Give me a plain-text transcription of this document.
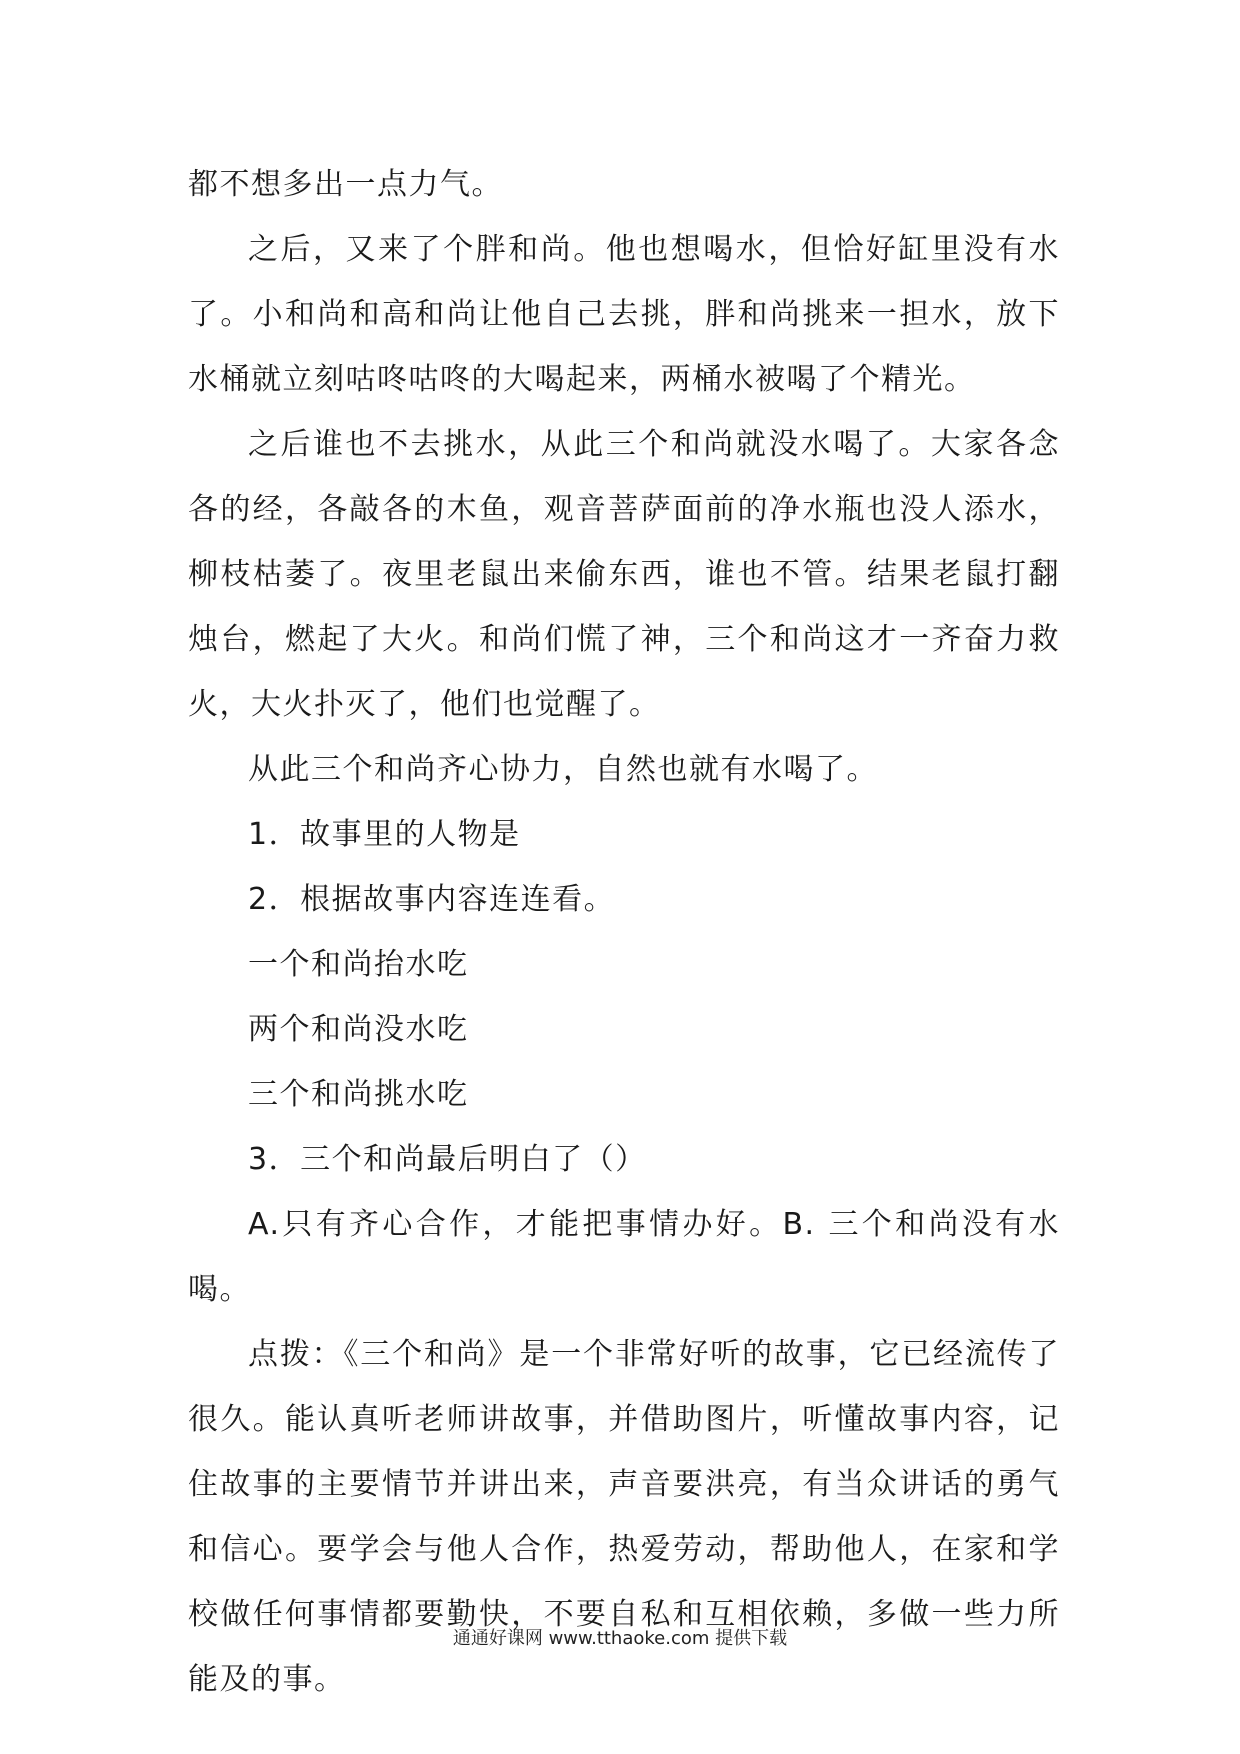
都不想多出一点力气。

之后，又来了个胖和尚。他也想喝水，但恰好缸里没有水了。小和尚和高和尚让他自己去挑，胖和尚挑来一担水，放下水桶就立刻咕咚咕咚的大喝起来，两桶水被喝了个精光。

之后谁也不去挑水，从此三个和尚就没水喝了。大家各念各的经，各敲各的木鱼，观音菩萨面前的净水瓶也没人添水，柳枝枯萎了。夜里老鼠出来偷东西，谁也不管。结果老鼠打翻烛台，燃起了大火。和尚们慌了神，三个和尚这才一齐奋力救火，大火扑灭了，他们也觉醒了。

从此三个和尚齐心协力，自然也就有水喝了。

1．故事里的人物是

2．根据故事内容连连看。

一个和尚抬水吃

两个和尚没水吃

三个和尚挑水吃

3．三个和尚最后明白了（）

A.只有齐心合作，才能把事情办好。B. 三个和尚没有水喝。

点拨：《三个和尚》是一个非常好听的故事，它已经流传了很久。能认真听老师讲故事，并借助图片，听懂故事内容，记住故事的主要情节并讲出来，声音要洪亮，有当众讲话的勇气和信心。要学会与他人合作，热爱劳动，帮助他人，在家和学校做任何事情都要勤快，不要自私和互相依赖，多做一些力所能及的事。

通通好课网 www.tthaoke.com 提供下载
